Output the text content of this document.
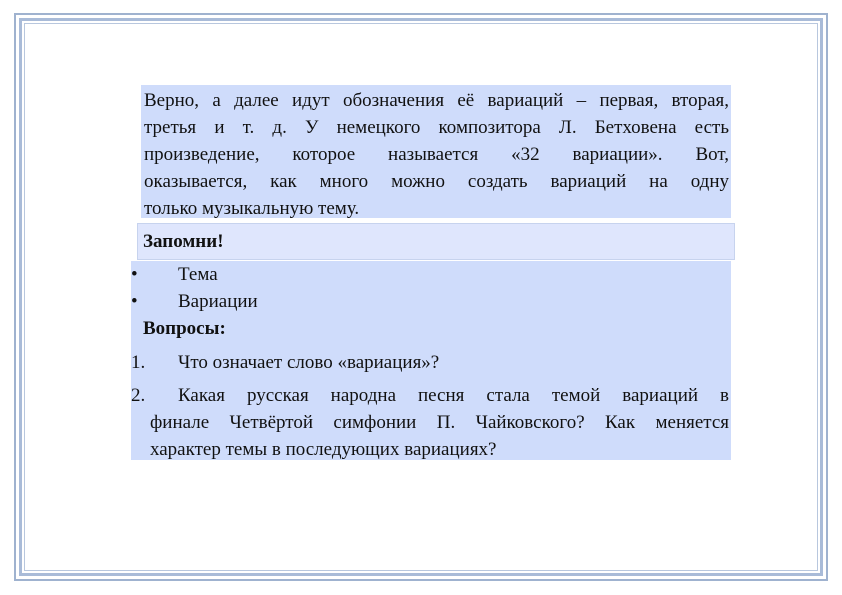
Верно, а далее идут обозначения её вариаций – первая, вторая,
третья и т. д. У немецкого композитора Л. Бетховена есть
произведение, которое называется «32 вариации». Вот,
оказывается, как много можно создать вариаций на одну
только музыкальную тему.
Запомни!
• Тема
• Вариации
Вопросы:
1. Что означает слово «вариация»?
2. Какая русская народна песня стала темой вариаций в
финале Четвёртой симфонии П. Чайковского? Как меняется
характер темы в последующих вариациях?
